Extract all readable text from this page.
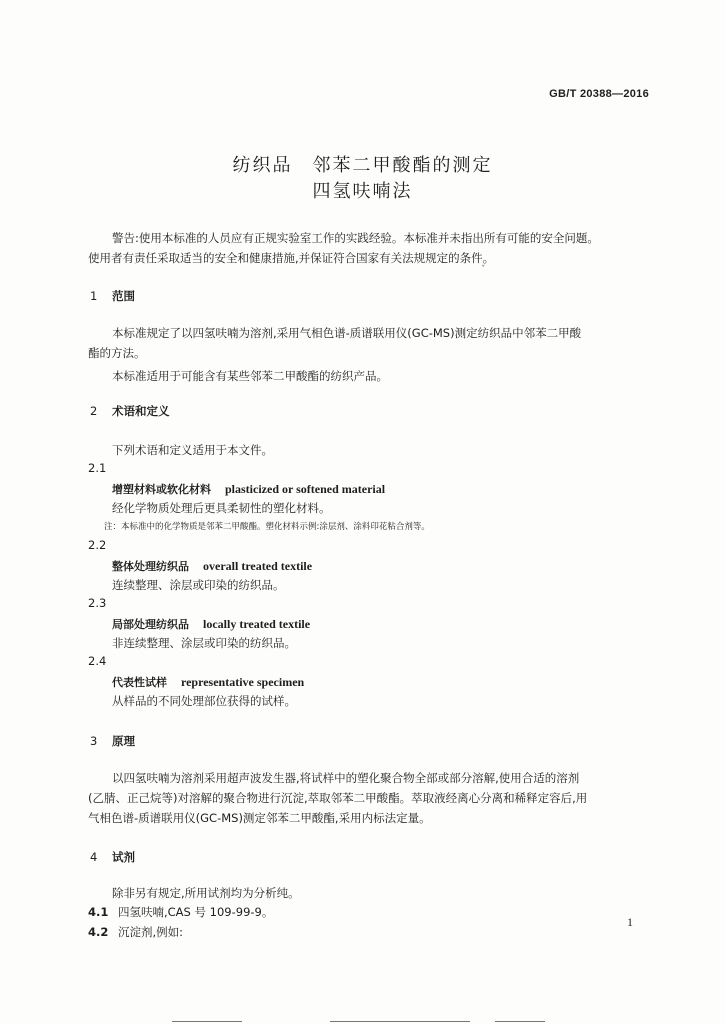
GB/T 20388—2016
纺织品　邻苯二甲酸酯的测定
四氢呋喃法
警告:使用本标准的人员应有正规实验室工作的实践经验。本标准并未指出所有可能的安全问题。
使用者有责任采取适当的安全和健康措施,并保证符合国家有关法规规定的条件。
ˇ
1 范围
本标准规定了以四氢呋喃为溶剂,采用气相色谱-质谱联用仪(GC-MS)测定纺织品中邻苯二甲酸
酯的方法。
本标准适用于可能含有某些邻苯二甲酸酯的纺织产品。
2 术语和定义
下列术语和定义适用于本文件。
2.1
增塑材料或软化材料 plasticized or softened material
经化学物质处理后更具柔韧性的塑化材料。
注：本标准中的化学物质是邻苯二甲酸酯。塑化材料示例:涂层剂、涂料印花粘合剂等。
2.2
整体处理纺织品 overall treated textile
连续整理、涂层或印染的纺织品。
2.3
局部处理纺织品 locally treated textile
非连续整理、涂层或印染的纺织品。
2.4
代表性试样 representative specimen
从样品的不同处理部位获得的试样。
3 原理
以四氢呋喃为溶剂采用超声波发生器,将试样中的塑化聚合物全部或部分溶解,使用合适的溶剂
(乙腈、正己烷等)对溶解的聚合物进行沉淀,萃取邻苯二甲酸酯。萃取液经离心分离和稀释定容后,用
气相色谱-质谱联用仪(GC-MS)测定邻苯二甲酸酯,采用内标法定量。
4 试剂
除非另有规定,所用试剂均为分析纯。
4.1 四氢呋喃,CAS 号 109-99-9。
4.2 沉淀剂,例如:
1
